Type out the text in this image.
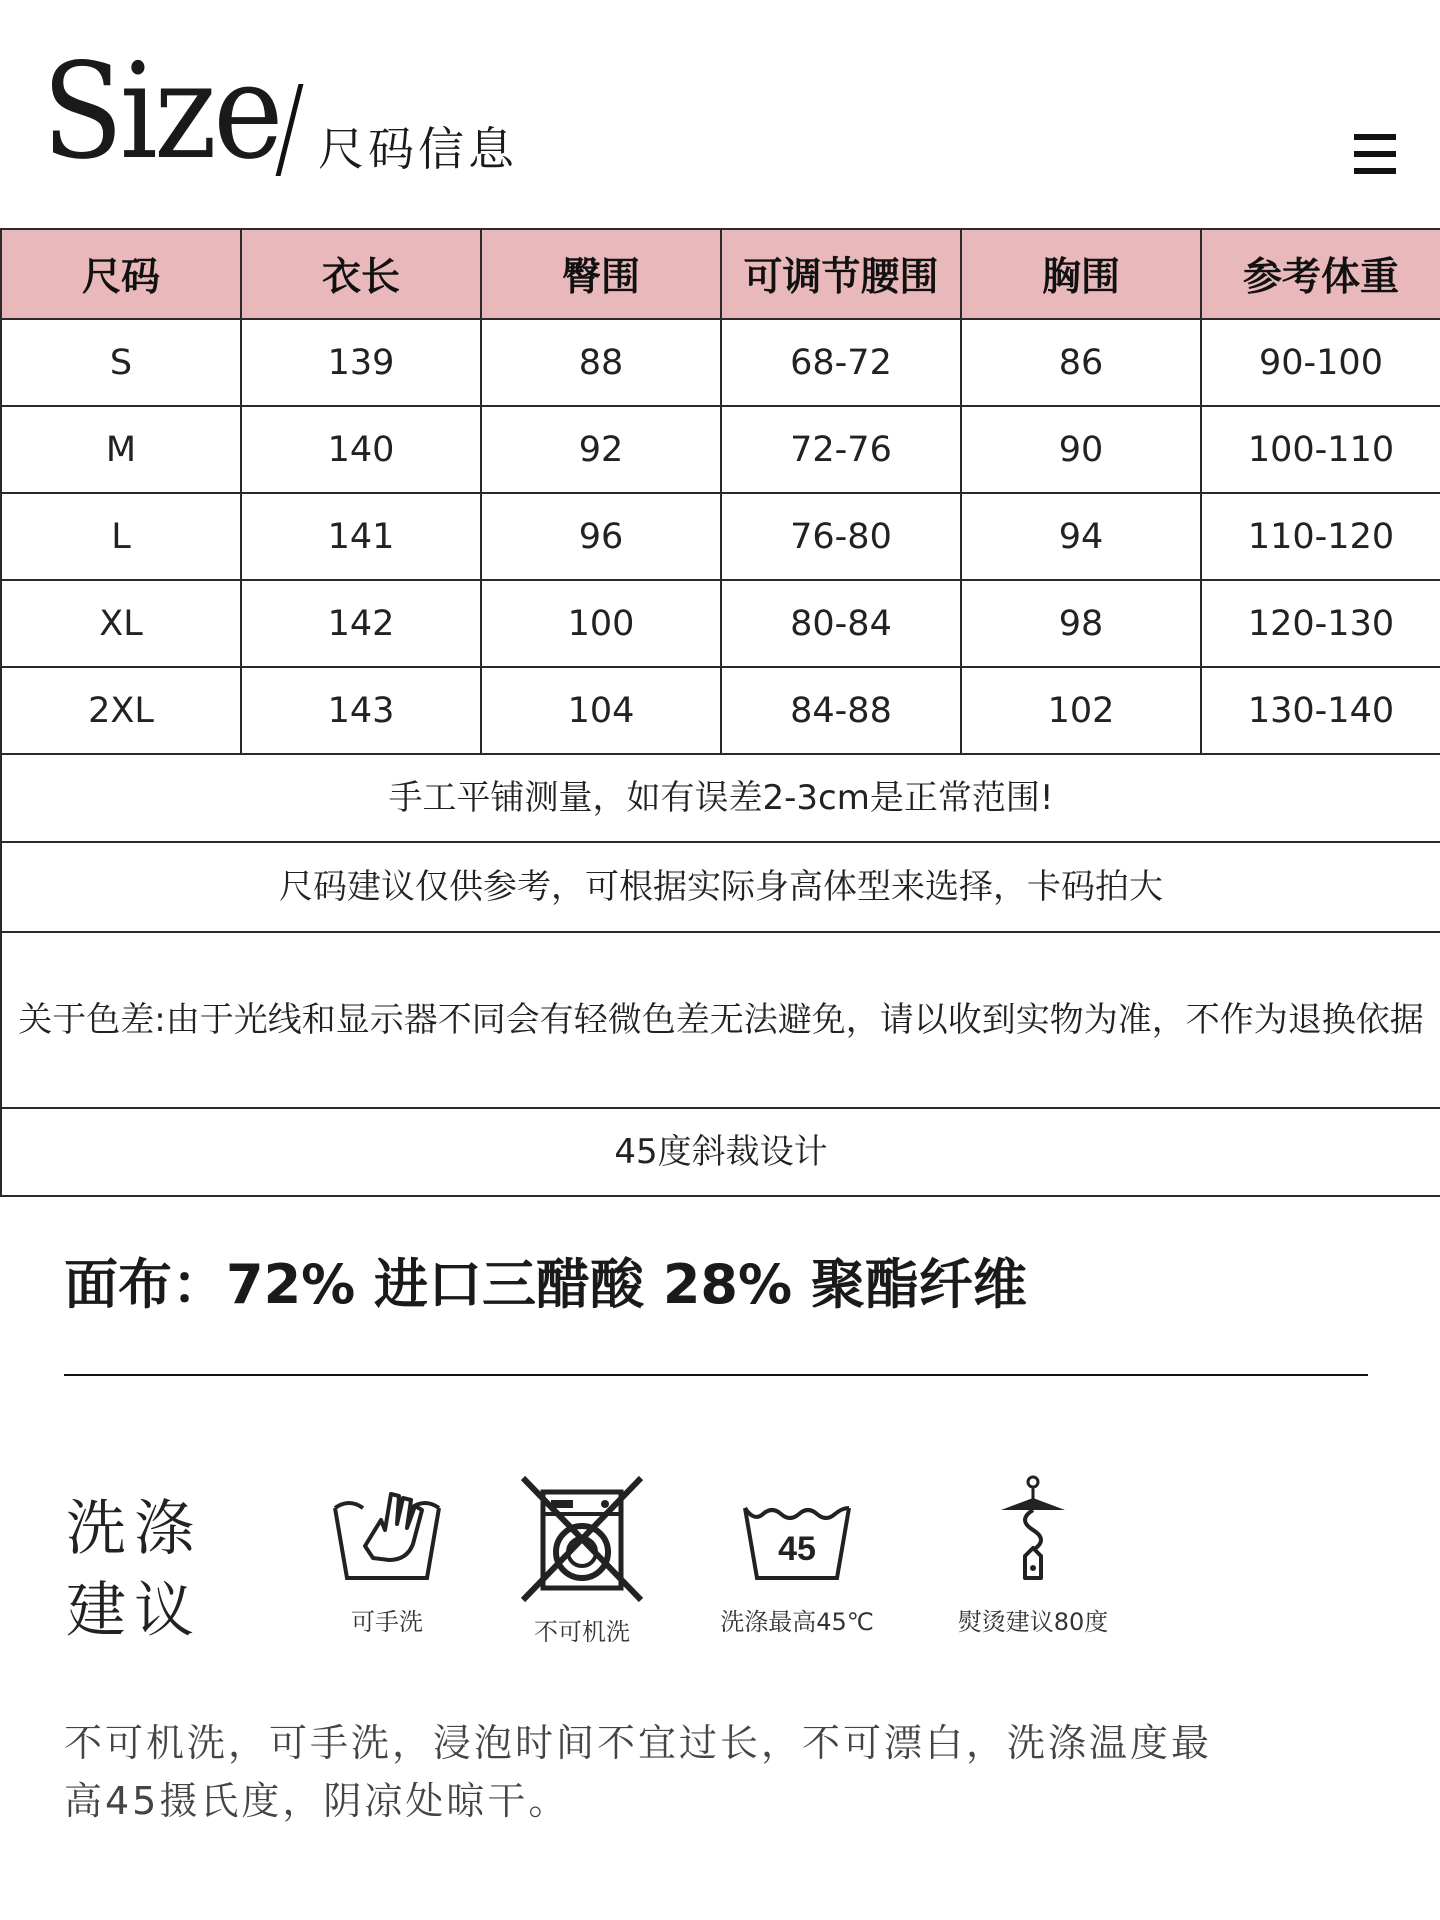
Size 尺码信息
尺码	衣长	臀围	可调节腰围	胸围	参考体重
S	139	88	68-72	86	90-100
M	140	92	72-76	90	100-110
L	141	96	76-80	94	110-120
XL	142	100	80-84	98	120-130
2XL	143	104	84-88	102	130-140
手工平铺测量，如有误差2-3cm是正常范围!					
尺码建议仅供参考，可根据实际身高体型来选择，卡码拍大					
关于色差:由于光线和显示器不同会有轻微色差无法避免，请以收到实物为准，不作为退换依据					
45度斜裁设计					
面布：72% 进口三醋酸 28% 聚酯纤维
洗涤
建议	可手洗	不可机洗
45
洗涤最高45℃	熨烫建议80度
不可机洗，可手洗，浸泡时间不宜过长，不可漂白，洗涤温度最高45摄氏度，阴凉处晾干。
